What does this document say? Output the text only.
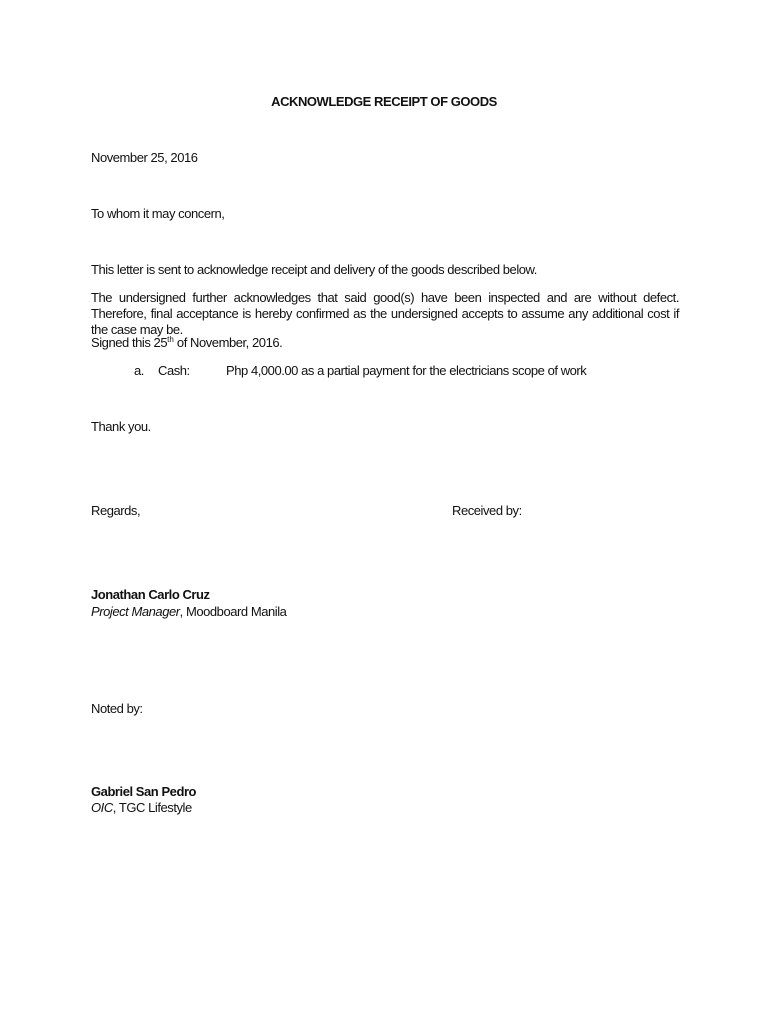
ACKNOWLEDGE RECEIPT OF GOODS
November 25, 2016
To whom it may concern,
This letter is sent to acknowledge receipt and delivery of the goods described below.
The undersigned further acknowledges that said good(s) have been inspected and are without defect. Therefore, final acceptance is hereby confirmed as the undersigned accepts to assume any additional cost if the case may be.
Signed this 25th of November, 2016.
a. Cash:	Php 4,000.00 as a partial payment for the electricians scope of work
Thank you.
Regards,	Received by:
Jonathan Carlo Cruz
Project Manager, Moodboard Manila
Noted by:
Gabriel San Pedro
OIC, TGC Lifestyle
